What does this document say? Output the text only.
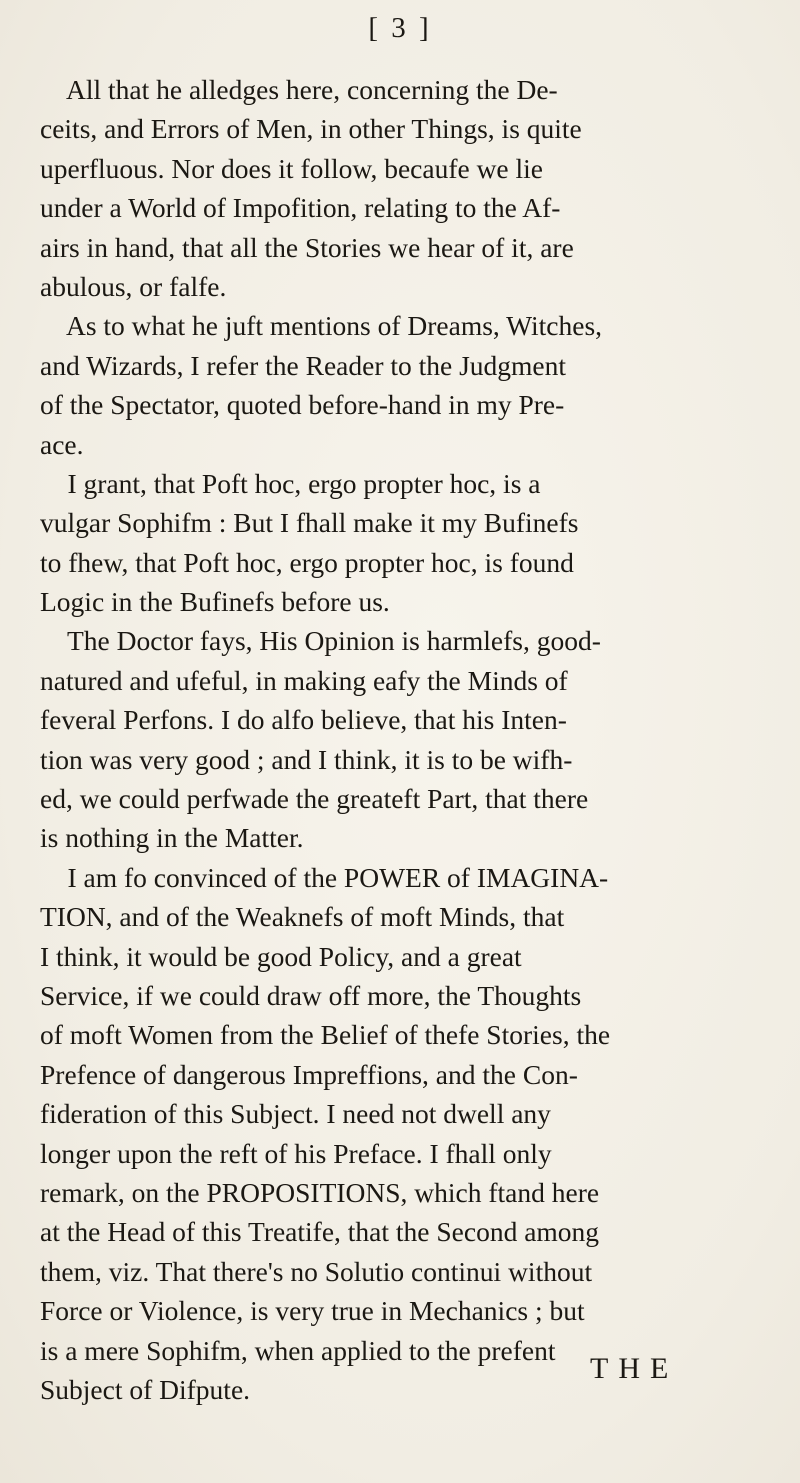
[ 3 ]
All that he alledges here, concerning the De-
ceits, and Errors of Men, in other Things, is quite
uperfluous. Nor does it follow, becaufe we lie
under a World of Impofition, relating to the Af-
airs in hand, that all the Stories we hear of it, are
abulous, or falfe.
As to what he juft mentions of Dreams, Witches,
and Wizards, I refer the Reader to the Judgment
of the Spectator, quoted before-hand in my Pre-
ace.
I grant, that Poft hoc, ergo propter hoc, is a
vulgar Sophifm : But I fhall make it my Bufinefs
to fhew, that Poft hoc, ergo propter hoc, is found
Logic in the Bufinefs before us.
The Doctor fays, His Opinion is harmlefs, good-
natured and ufeful, in making eafy the Minds of
feveral Perfons. I do alfo believe, that his Inten-
tion was very good ; and I think, it is to be wifh-
ed, we could perfwade the greateft Part, that there
is nothing in the Matter.
I am fo convinced of the POWER of IMAGINA-
TION, and of the Weaknefs of moft Minds, that
I think, it would be good Policy, and a great
Service, if we could draw off more, the Thoughts
of moft Women from the Belief of thefe Stories, the
Prefence of dangerous Impreffions, and the Con-
fideration of this Subject. I need not dwell any
longer upon the reft of his Preface. I fhall only
remark, on the PROPOSITIONS, which ftand here
at the Head of this Treatife, that the Second among
them, viz. That there's no Solutio continui without
Force or Violence, is very true in Mechanics ; but
is a mere Sophifm, when applied to the prefent
Subject of Difpute.
THE
